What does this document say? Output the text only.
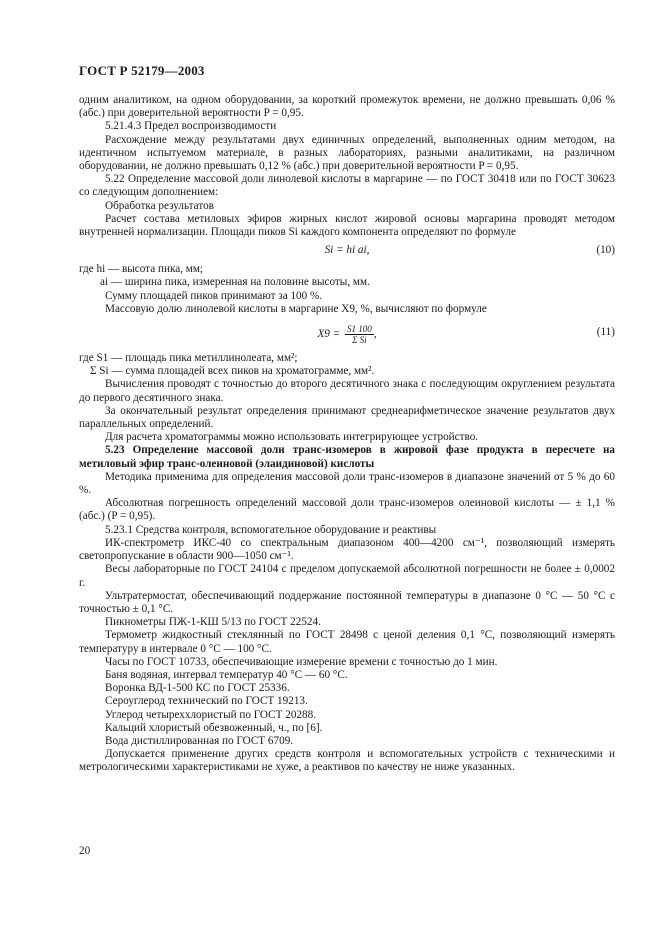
ГОСТ Р 52179—2003

одним аналитиком, на одном оборудовании, за короткий промежуток времени, не должно превышать 0,06 % (абс.) при доверительной вероятности P = 0,95.

5.21.4.3 Предел воспроизводимости

Расхождение между результатами двух единичных определений, выполненных одним методом, на идентичном испытуемом материале, в разных лабораториях, разными аналитиками, на различном оборудовании, не должно превышать 0,12 % (абс.) при доверительной вероятности P = 0,95.

5.22 Определение массовой доли линолевой кислоты в маргарине — по ГОСТ 30418 или по ГОСТ 30623 со следующим дополнением:

Обработка результатов

Расчет состава метиловых эфиров жирных кислот жировой основы маргарина проводят методом внутренней нормализации. Площади пиков Si каждого компонента определяют по формуле

Si = hi ai,	(10)

где hi — высота пика, мм;

ai — ширина пика, измеренная на половине высоты, мм.

Сумму площадей пиков принимают за 100 %.

Массовую долю линолевой кислоты в маргарине X9, %, вычисляют по формуле

$X9 = \frac{S1 100}{\text{Σ Si}}$ ,	(11)

где S1 — площадь пика метиллинолеата, мм²;

Σ Si — сумма площадей всех пиков на хроматограмме, мм².

Вычисления проводят с точностью до второго десятичного знака с последующим округлением результата до первого десятичного знака.

За окончательный результат определения принимают среднеарифметическое значение результатов двух параллельных определений.

Для расчета хроматограммы можно использовать интегрирующее устройство.

5.23 Определение массовой доли транс-изомеров в жировой фазе продукта в пересчете на метиловый эфир транс-олеиновой (элаидиновой) кислоты

Методика применима для определения массовой доли транс-изомеров в диапазоне значений от 5 % до 60 %.

Абсолютная погрешность определений массовой доли транс-изомеров олеиновой кислоты — ± 1,1 % (абс.) (P = 0,95).

5.23.1 Средства контроля, вспомогательное оборудование и реактивы

ИК-спектрометр ИКС-40 со спектральным диапазоном 400—4200 см⁻¹, позволяющий измерять светопропускание в области 900—1050 см⁻¹.

Весы лабораторные по ГОСТ 24104 с пределом допускаемой абсолютной погрешности не более ± 0,0002 г.

Ультратермостат, обеспечивающий поддержание постоянной температуры в диапазоне 0 °С — 50 °С с точностью ± 0,1 °С.

Пикнометры ПЖ-1-КШ 5/13 по ГОСТ 22524.

Термометр жидкостный стеклянный по ГОСТ 28498 с ценой деления 0,1 °С, позволяющий измерять температуру в интервале 0 °С — 100 °С.

Часы по ГОСТ 10733, обеспечивающие измерение времени с точностью до 1 мин.

Баня водяная, интервал температур 40 °С — 60 °С.

Воронка ВД-1-500 КС по ГОСТ 25336.

Сероуглерод технический по ГОСТ 19213.

Углерод четыреххлористый по ГОСТ 20288.

Кальций хлористый обезвоженный, ч., по [6].

Вода дистиллированная по ГОСТ 6709.

Допускается применение других средств контроля и вспомогательных устройств с техническими и метрологическими характеристиками не хуже, а реактивов по качеству не ниже указанных.

20
